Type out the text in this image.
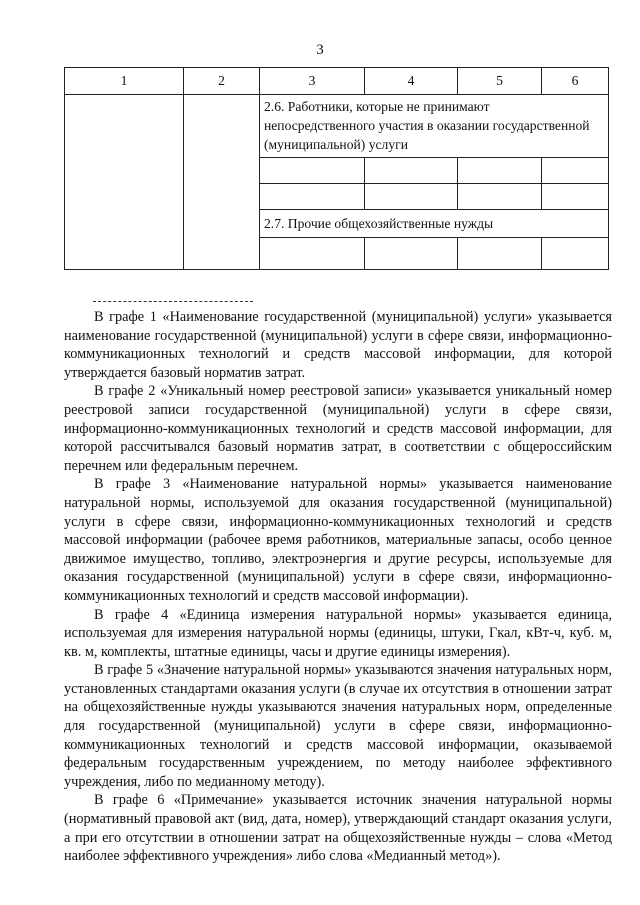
3
1	2	3	4	5	6
		2.6. Работники, которые не принимают непосредственного участия в оказании государственной (муниципальной) услуги			

		2.7. Прочие общехозяйственные нужды			

В графе 1 «Наименование государственной (муниципальной) услуги» указывается наименование государственной (муниципальной) услуги в сфере связи, информационно-коммуникационных технологий и средств массовой информации, для которой утверждается базовый норматив затрат.

В графе 2 «Уникальный номер реестровой записи» указывается уникальный номер реестровой записи государственной (муниципальной) услуги в сфере связи, информационно-коммуникационных технологий и средств массовой информации, для которой рассчитывался базовый норматив затрат, в соответствии с общероссийским перечнем или федеральным перечнем.

В графе 3 «Наименование натуральной нормы» указывается наименование натуральной нормы, используемой для оказания государственной (муниципальной) услуги в сфере связи, информационно-коммуникационных технологий и средств массовой информации (рабочее время работников, материальные запасы, особо ценное движимое имущество, топливо, электроэнергия и другие ресурсы, используемые для оказания государственной (муниципальной) услуги в сфере связи, информационно-коммуникационных технологий и средств массовой информации).

В графе 4 «Единица измерения натуральной нормы» указывается единица, используемая для измерения натуральной нормы (единицы, штуки, Гкал, кВт-ч, куб. м, кв. м, комплекты, штатные единицы, часы и другие единицы измерения).

В графе 5 «Значение натуральной нормы» указываются значения натуральных норм, установленных стандартами оказания услуги (в случае их отсутствия в отношении затрат на общехозяйственные нужды указываются значения натуральных норм, определенные для государственной (муниципальной) услуги в сфере связи, информационно-коммуникационных технологий и средств массовой информации, оказываемой федеральным государственным учреждением, по методу наиболее эффективного учреждения, либо по медианному методу).

В графе 6 «Примечание» указывается источник значения натуральной нормы (нормативный правовой акт (вид, дата, номер), утверждающий стандарт оказания услуги, а при его отсутствии в отношении затрат на общехозяйственные нужды – слова «Метод наиболее эффективного учреждения» либо слова «Медианный метод»).
